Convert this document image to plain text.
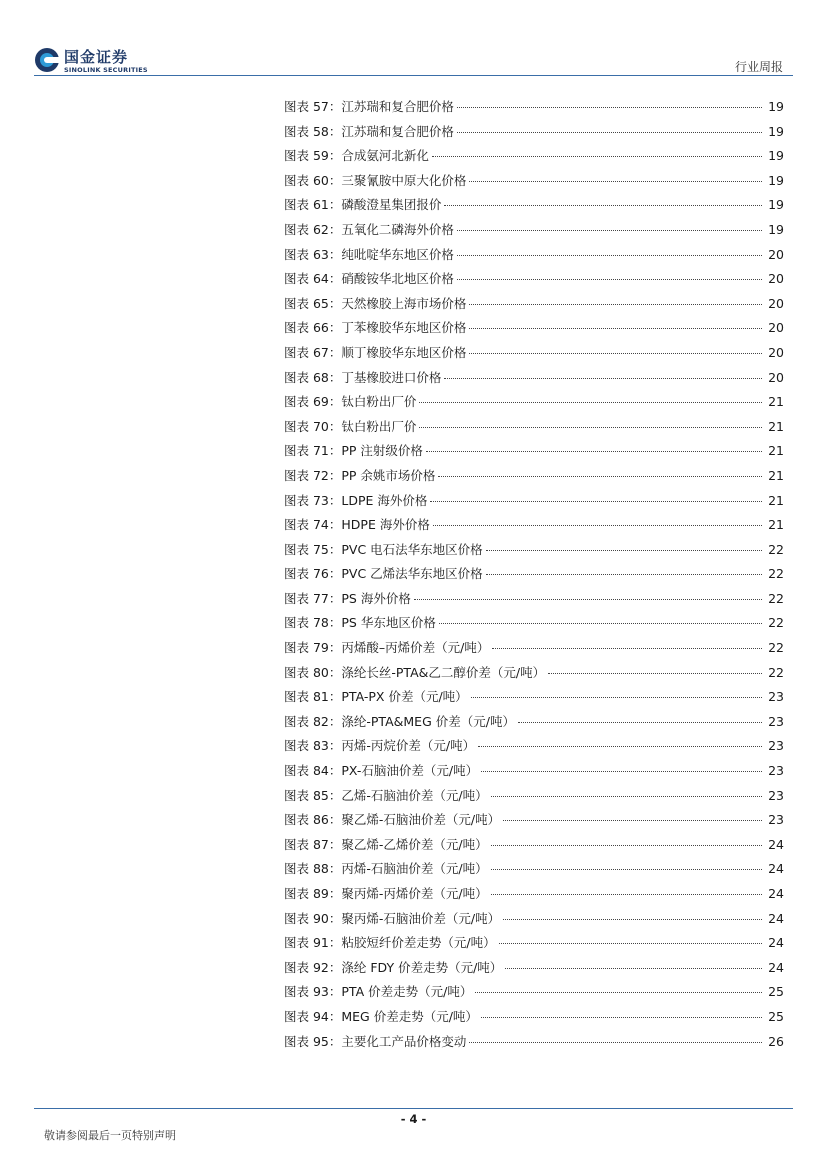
国金证券
SINOLINK SECURITIES	行业周报
图表 57：江苏瑞和复合肥价格	19
图表 58：江苏瑞和复合肥价格	19
图表 59：合成氨河北新化	19
图表 60：三聚氰胺中原大化价格	19
图表 61：磷酸澄星集团报价	19
图表 62：五氧化二磷海外价格	19
图表 63：纯吡啶华东地区价格	20
图表 64：硝酸铵华北地区价格	20
图表 65：天然橡胶上海市场价格	20
图表 66：丁苯橡胶华东地区价格	20
图表 67：顺丁橡胶华东地区价格	20
图表 68：丁基橡胶进口价格	20
图表 69：钛白粉出厂价	21
图表 70：钛白粉出厂价	21
图表 71：PP 注射级价格	21
图表 72：PP 余姚市场价格	21
图表 73：LDPE 海外价格	21
图表 74：HDPE 海外价格	21
图表 75：PVC 电石法华东地区价格	22
图表 76：PVC 乙烯法华东地区价格	22
图表 77：PS 海外价格	22
图表 78：PS 华东地区价格	22
图表 79：丙烯酸–丙烯价差（元/吨）	22
图表 80：涤纶长丝-PTA&乙二醇价差（元/吨）	22
图表 81：PTA-PX 价差（元/吨）	23
图表 82：涤纶-PTA&MEG 价差（元/吨）	23
图表 83：丙烯-丙烷价差（元/吨）	23
图表 84：PX-石脑油价差（元/吨）	23
图表 85：乙烯-石脑油价差（元/吨）	23
图表 86：聚乙烯-石脑油价差（元/吨）	23
图表 87：聚乙烯-乙烯价差（元/吨）	24
图表 88：丙烯-石脑油价差（元/吨）	24
图表 89：聚丙烯-丙烯价差（元/吨）	24
图表 90：聚丙烯-石脑油价差（元/吨）	24
图表 91：粘胶短纤价差走势（元/吨）	24
图表 92：涤纶 FDY 价差走势（元/吨）	24
图表 93：PTA 价差走势（元/吨）	25
图表 94：MEG 价差走势（元/吨）	25
图表 95：主要化工产品价格变动	26
- 4 -
敬请参阅最后一页特别声明
